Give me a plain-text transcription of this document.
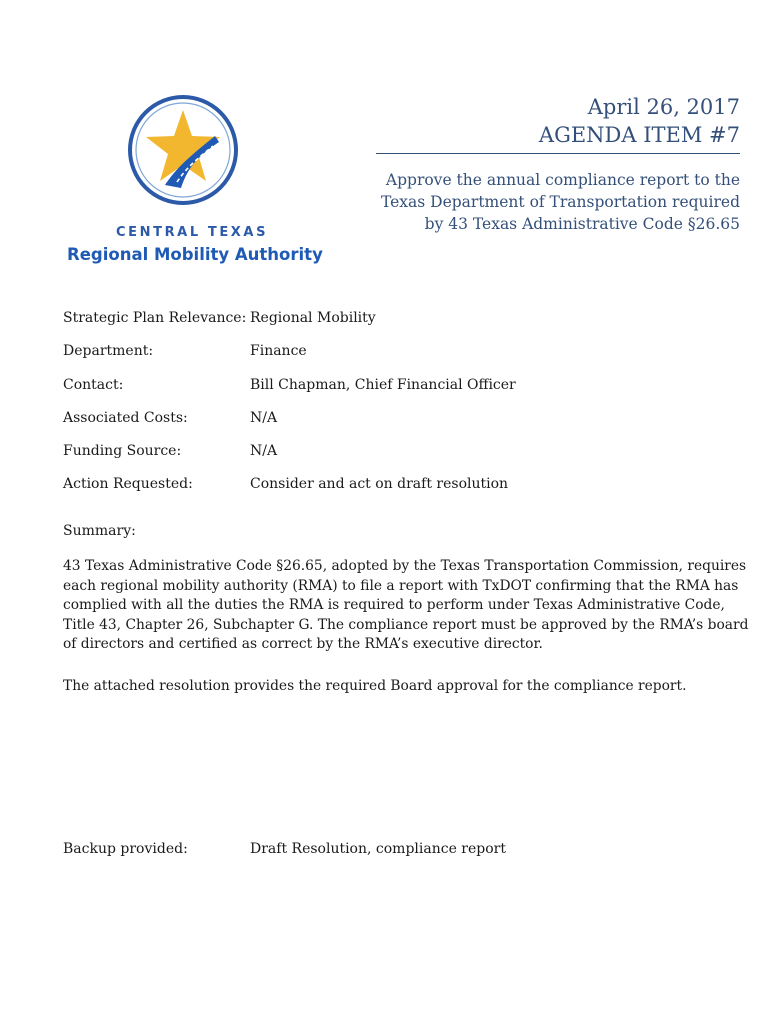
CENTRAL TEXAS
Regional Mobility Authority
April 26, 2017
AGENDA ITEM #7
Approve the annual compliance report to the
Texas Department of Transportation required
by 43 Texas Administrative Code §26.65
Strategic Plan Relevance: Regional Mobility
Department:	Finance
Contact:	Bill Chapman, Chief Financial Officer
Associated Costs:	N/A
Funding Source:	N/A
Action Requested:	Consider and act on draft resolution
Summary:
43 Texas Administrative Code §26.65, adopted by the Texas Transportation Commission, requires
each regional mobility authority (RMA) to file a report with TxDOT confirming that the RMA has
complied with all the duties the RMA is required to perform under Texas Administrative Code,
Title 43, Chapter 26, Subchapter G. The compliance report must be approved by the RMA’s board
of directors and certified as correct by the RMA’s executive director.
The attached resolution provides the required Board approval for the compliance report.
Backup provided:	Draft Resolution, compliance report
